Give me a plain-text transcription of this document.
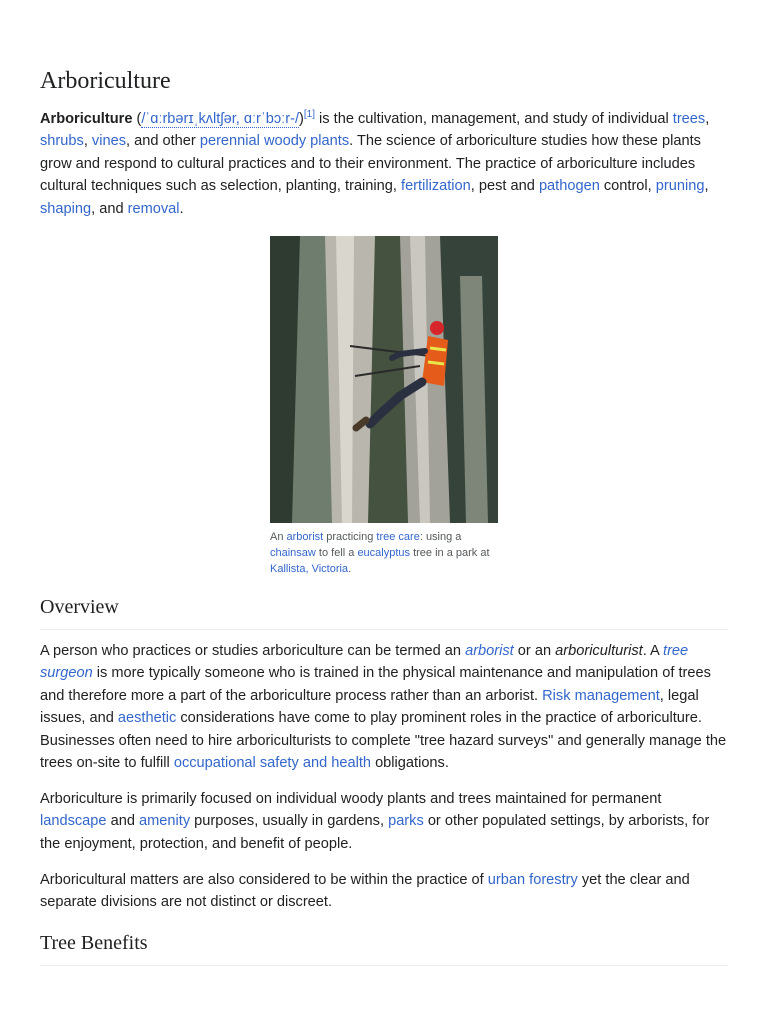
Arboriculture

Arboriculture (/ˈɑːrbərɪˌkʌltʃər, ɑːrˈbɔːr-/)[1] is the cultivation, management, and study of individual trees, shrubs, vines, and other perennial woody plants. The science of arboriculture studies how these plants grow and respond to cultural practices and to their environment. The practice of arboriculture includes cultural techniques such as selection, planting, training, fertilization, pest and pathogen control, pruning, shaping, and removal.

An arborist practicing tree care: using a chainsaw to fell a eucalyptus tree in a park at Kallista, Victoria.
Overview

A person who practices or studies arboriculture can be termed an arborist or an arboriculturist. A tree surgeon is more typically someone who is trained in the physical maintenance and manipulation of trees and therefore more a part of the arboriculture process rather than an arborist. Risk management, legal issues, and aesthetic considerations have come to play prominent roles in the practice of arboriculture. Businesses often need to hire arboriculturists to complete "tree hazard surveys" and generally manage the trees on-site to fulfill occupational safety and health obligations.

Arboriculture is primarily focused on individual woody plants and trees maintained for permanent landscape and amenity purposes, usually in gardens, parks or other populated settings, by arborists, for the enjoyment, protection, and benefit of people.

Arboricultural matters are also considered to be within the practice of urban forestry yet the clear and separate divisions are not distinct or discreet.

Tree Benefits
